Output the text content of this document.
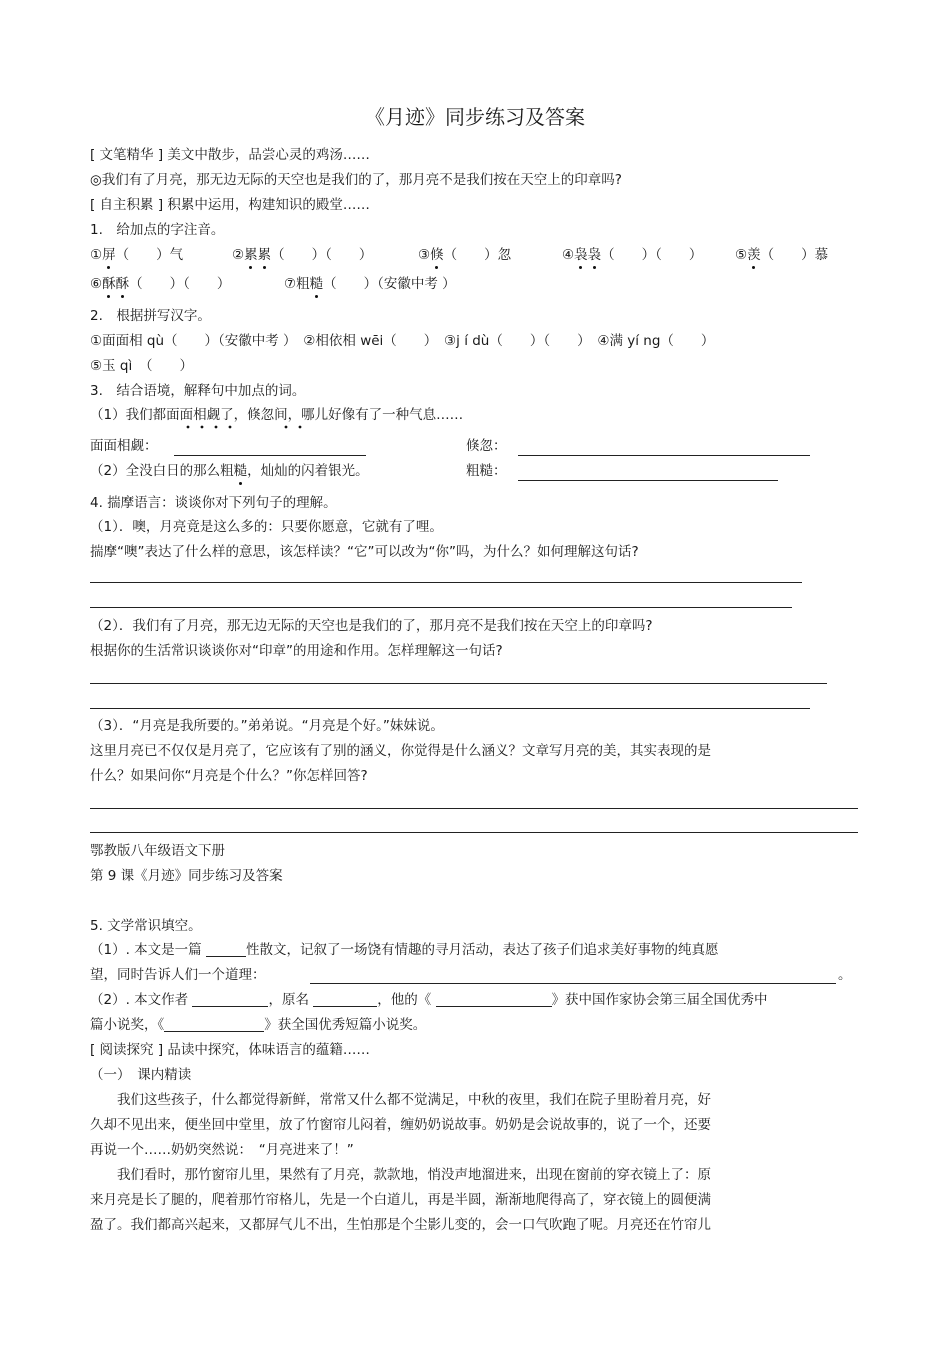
《月迹》同步练习及答案
[ 文笔精华 ] 美文中散步，品尝心灵的鸡汤……
◎我们有了月亮，那无边无际的天空也是我们的了，那月亮不是我们按在天空上的印章吗?
[ 自主积累 ] 积累中运用，构建知识的殿堂……
1.　给加点的字注音。
①屏（　　）气	②累累（　　）（　　）	③倏（　　）忽	④袅袅（　　）（　　） ⑤羡（　　）慕
⑥酥酥（　　）（　　）	⑦粗糙（　　）（安徽中考 ）
2.　根据拼写汉字。
①面面相 qù（　　）（安徽中考 ）　②相依相 wēi（　　）　③j í dù（　　）（　　）　④满 yí ng（　　）
⑤玉 qì　（　　）
3.　结合语境，解释句中加点的词。
（1）我们都面面相觑了，倏忽间，哪儿好像有了一种气息……
面面相觑：	倏忽：
（2）全没白日的那么粗糙，灿灿的闪着银光。	粗糙：
4. 揣摩语言：谈谈你对下列句子的理解。
（1）．噢，月亮竟是这么多的：只要你愿意，它就有了哩。
揣摩“噢”表达了什么样的意思，该怎样读？“它”可以改为“你”吗，为什么？如何理解这句话?
（2）．我们有了月亮，那无边无际的天空也是我们的了，那月亮不是我们按在天空上的印章吗?
根据你的生活常识谈谈你对“印章”的用途和作用。怎样理解这一句话?
（3）．“月亮是我所要的。”弟弟说。“月亮是个好。”妹妹说。
这里月亮已不仅仅是月亮了，它应该有了别的涵义，你觉得是什么涵义？文章写月亮的美，其实表现的是
什么？如果问你“月亮是个什么？”你怎样回答?
鄂教版八年级语文下册
第 9 课《月迹》同步练习及答案
5. 文学常识填空。
（1）. 本文是一篇	性散文，记叙了一场饶有情趣的寻月活动，表达了孩子们追求美好事物的纯真愿
望，同时告诉人们一个道理：	。
（2）. 本文作者	，原名	，他的《	》获中国作家协会第三届全国优秀中
篇小说奖，《	》获全国优秀短篇小说奖。
[ 阅读探究 ] 品读中探究，体味语言的蕴籍……
（一）　课内精读
　　我们这些孩子，什么都觉得新鲜，常常又什么都不觉满足，中秋的夜里，我们在院子里盼着月亮，好
久却不见出来，便坐回中堂里，放了竹窗帘儿闷着，缠奶奶说故事。奶奶是会说故事的，说了一个，还要
再说一个……奶奶突然说：　“月亮进来了！”
　　我们看时，那竹窗帘儿里，果然有了月亮，款款地，悄没声地溜进来，出现在窗前的穿衣镜上了：原
来月亮是长了腿的，爬着那竹帘格儿，先是一个白道儿，再是半圆，渐渐地爬得高了，穿衣镜上的圆便满
盈了。我们都高兴起来，又都屏气儿不出，生怕那是个尘影儿变的，会一口气吹跑了呢。月亮还在竹帘儿
